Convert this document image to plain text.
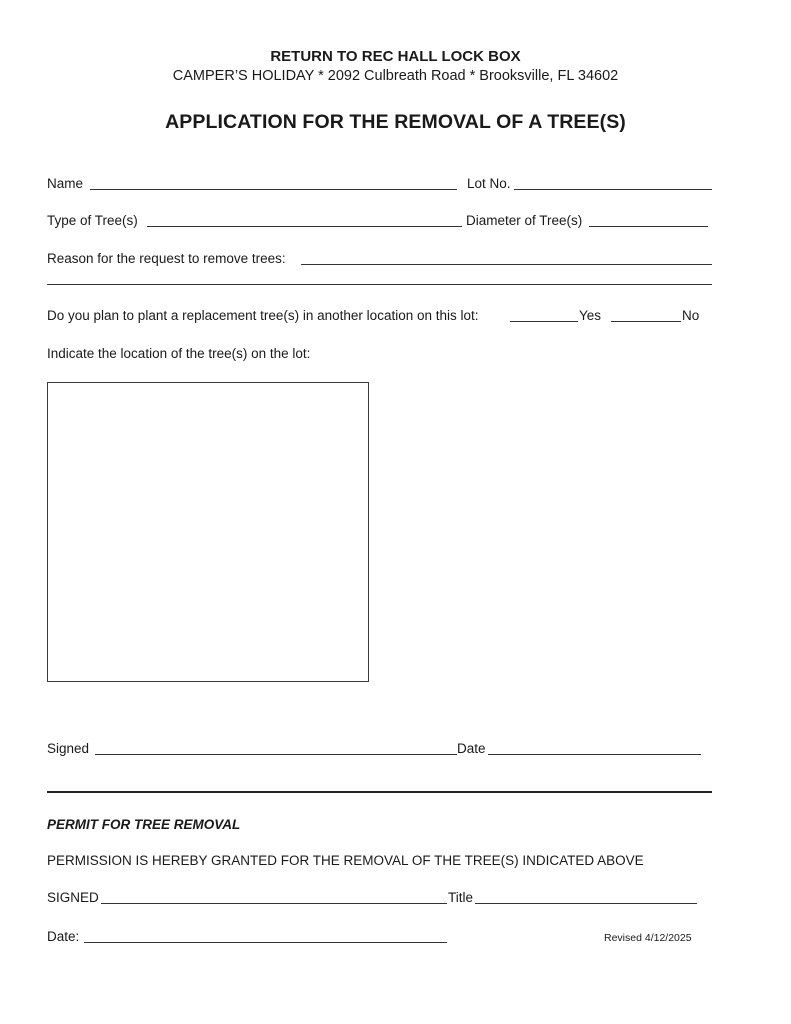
RETURN TO REC HALL LOCK BOX
CAMPER’S HOLIDAY * 2092 Culbreath Road * Brooksville, FL 34602
APPLICATION FOR THE REMOVAL OF A TREE(S)
Name	Lot No.
Type of Tree(s)	Diameter of Tree(s)
Reason for the request to remove trees:
Do you plan to plant a replacement tree(s) in another location on this lot:	Yes	No
Indicate the location of the tree(s) on the lot:
Signed	Date
PERMIT FOR TREE REMOVAL
PERMISSION IS HEREBY GRANTED FOR THE REMOVAL OF THE TREE(S) INDICATED ABOVE
SIGNED	Title
Date:	Revised 4/12/2025
